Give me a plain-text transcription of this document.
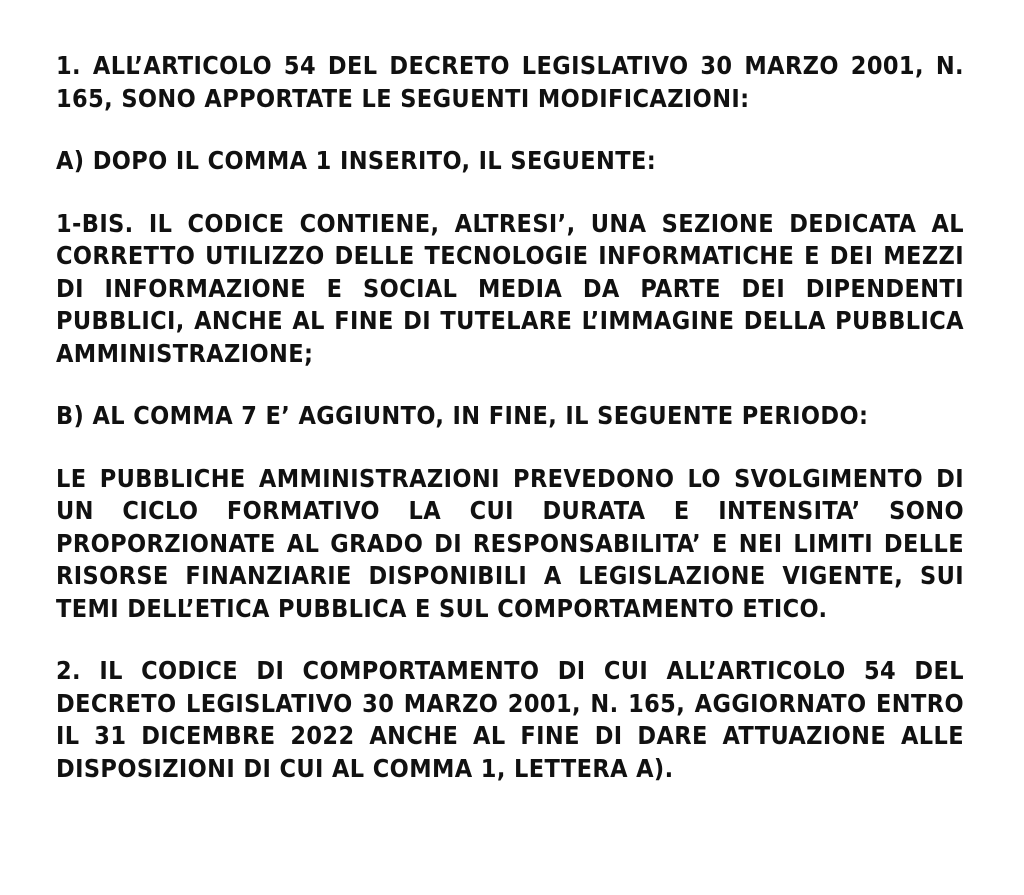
1. ALL’ARTICOLO 54 DEL DECRETO LEGISLATIVO 30 MARZO 2001, N. 165, SONO APPORTATE LE SEGUENTI MODIFICAZIONI:

A) DOPO IL COMMA 1 INSERITO, IL SEGUENTE:

1-BIS. IL CODICE CONTIENE, ALTRESI’, UNA SEZIONE DEDICATA AL CORRETTO UTILIZZO DELLE TECNOLOGIE INFORMATICHE E DEI MEZZI DI INFORMAZIONE E SOCIAL MEDIA DA PARTE DEI DIPENDENTI PUBBLICI, ANCHE AL FINE DI TUTELARE L’IMMAGINE DELLA PUBBLICA AMMINISTRAZIONE;

B) AL COMMA 7 E’ AGGIUNTO, IN FINE, IL SEGUENTE PERIODO:

LE PUBBLICHE AMMINISTRAZIONI PREVEDONO LO SVOLGIMENTO DI UN CICLO FORMATIVO LA CUI DURATA E INTENSITA’ SONO PROPORZIONATE AL GRADO DI RESPONSABILITA’ E NEI LIMITI DELLE RISORSE FINANZIARIE DISPONIBILI A LEGISLAZIONE VIGENTE, SUI TEMI DELL’ETICA PUBBLICA E SUL COMPORTAMENTO ETICO.

2. IL CODICE DI COMPORTAMENTO DI CUI ALL’ARTICOLO 54 DEL DECRETO LEGISLATIVO 30 MARZO 2001, N. 165, AGGIORNATO ENTRO IL 31 DICEMBRE 2022 ANCHE AL FINE DI DARE ATTUAZIONE ALLE DISPOSIZIONI DI CUI AL COMMA 1, LETTERA A).
